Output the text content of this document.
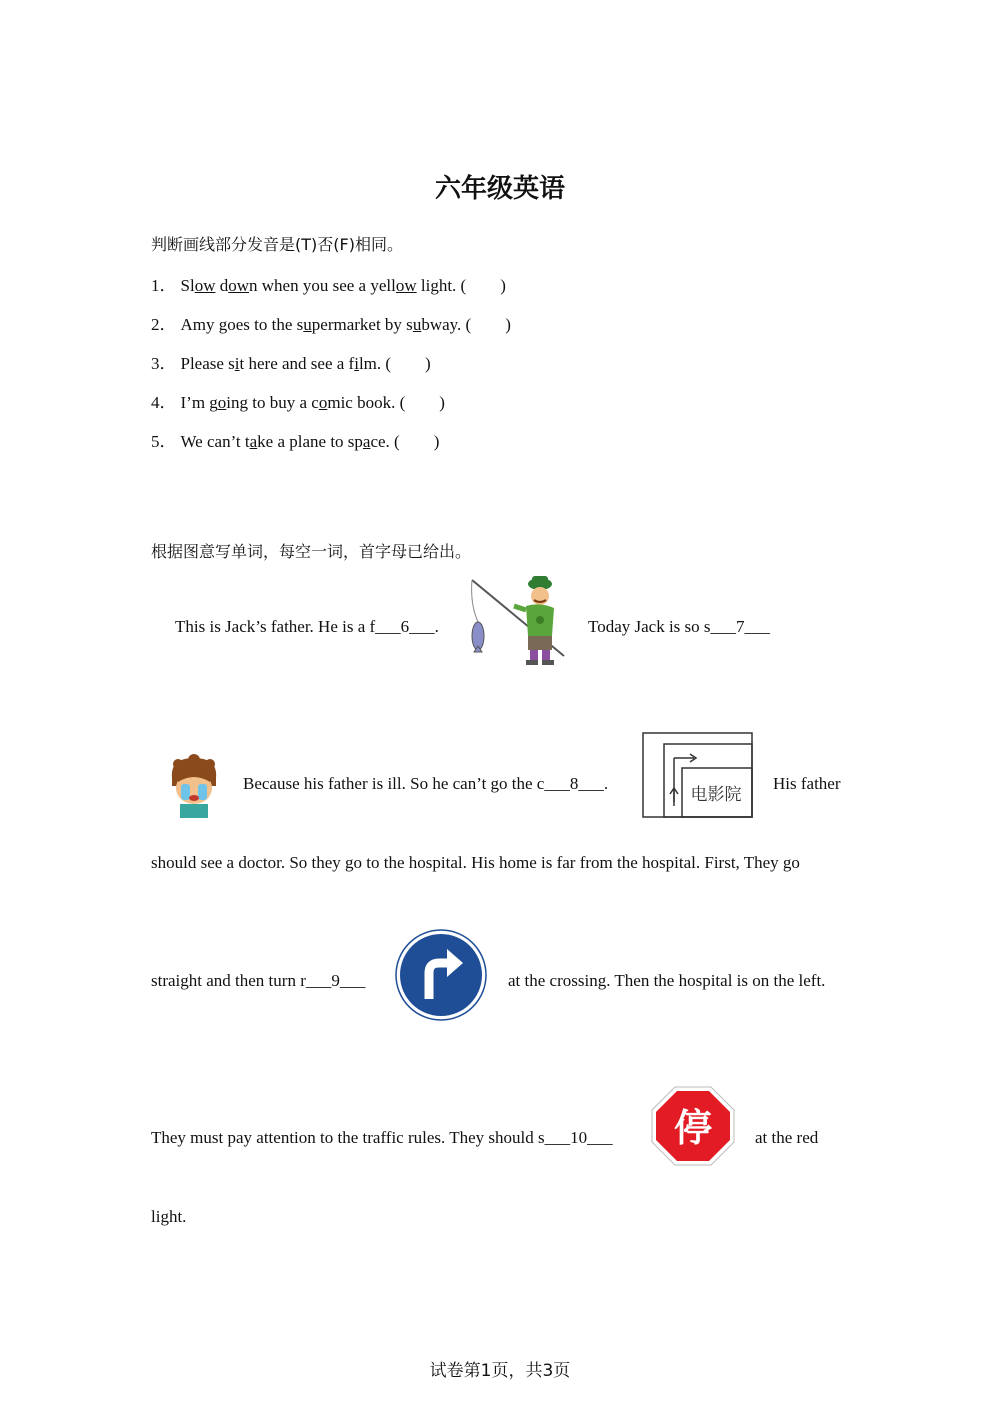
六年级英语
判断画线部分发音是(T)否(F)相同。
1． Slow down when you see a yellow light. (　　)
2． Amy goes to the supermarket by subway. (　　)
3． Please sit here and see a film. (　　)
4． I’m going to buy a comic book. (　　)
5． We can’t take a plane to space. (　　)
根据图意写单词，每空一词，首字母已给出。
This is Jack’s father. He is a f___6___.	Today Jack is so s___7___
Because his father is ill. So he can’t go the c___8___.
电影院
His father
should see a doctor. So they go to the hospital. His home is far from the hospital. First, They go
straight and then turn r___9___	at the crossing. Then the hospital is on the left.
They must pay attention to the traffic rules. They should s___10___ 停	at the red
light.
试卷第1页，共3页
